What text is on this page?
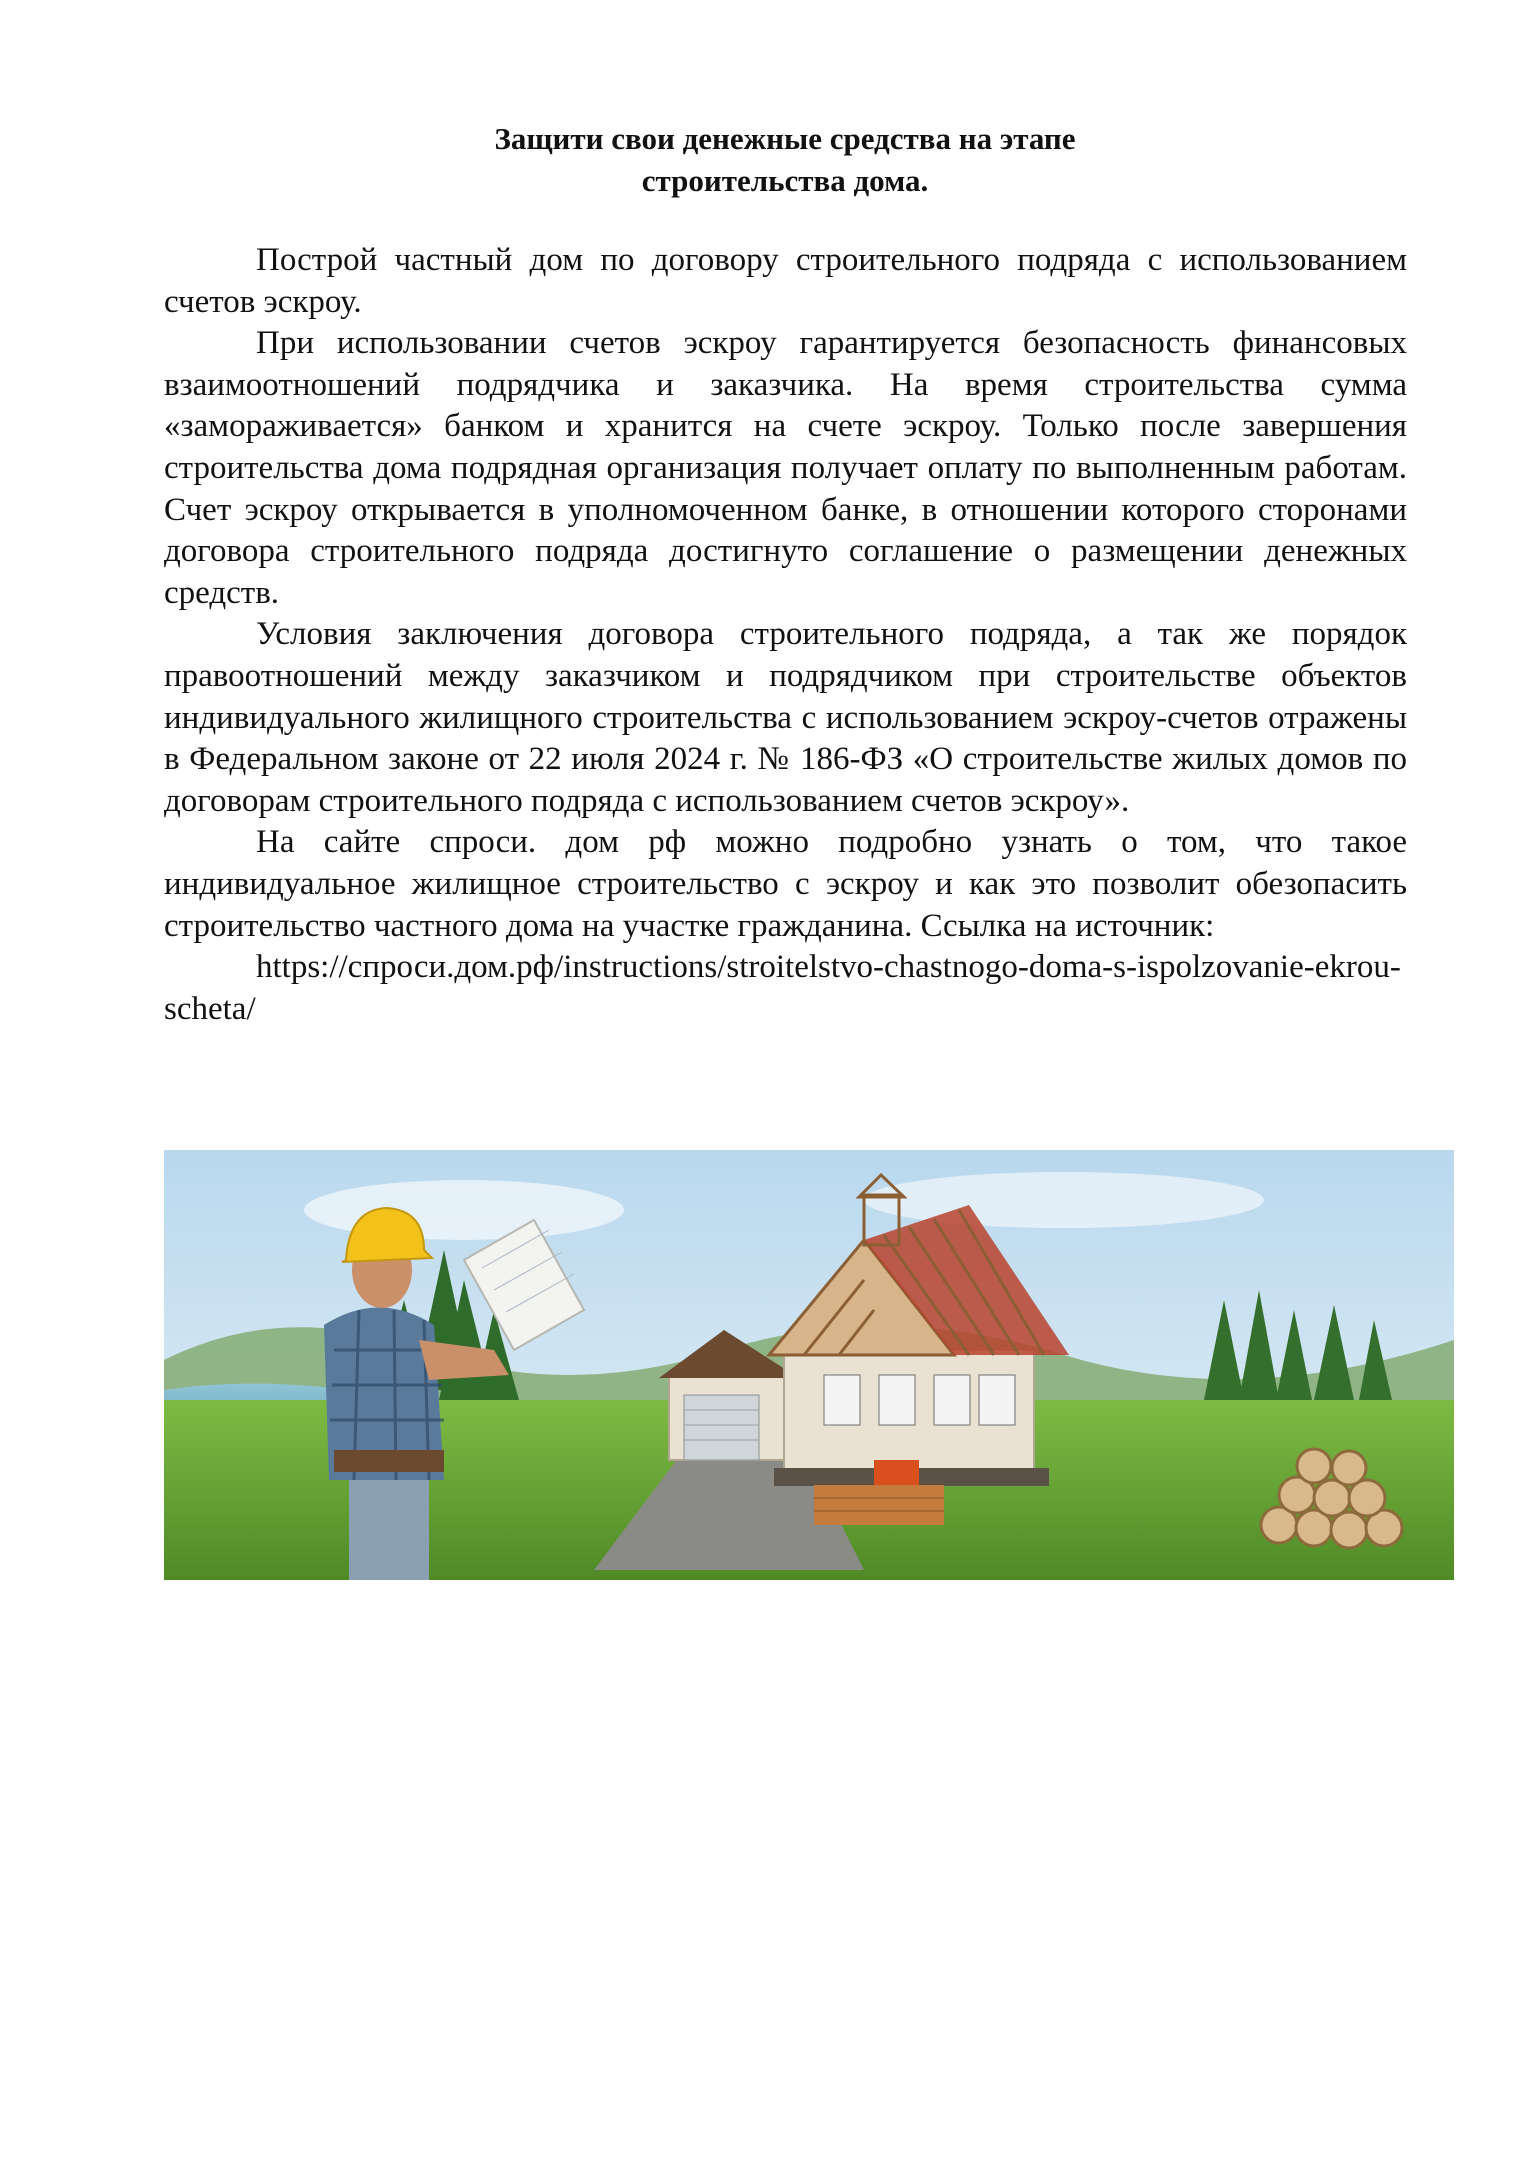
Защити свои денежные средства на этапе
строительства дома.

Построй частный дом по договору строительного подряда с использованием счетов эскроу.

При использовании счетов эскроу гарантируется безопасность финансовых взаимоотношений подрядчика и заказчика. На время строительства сумма «замораживается» банком и хранится на счете эскроу. Только после завершения строительства дома подрядная организация получает оплату по выполненным работам. Счет эскроу открывается в уполномоченном банке, в отношении которого сторонами договора строительного подряда достигнуто соглашение о размещении денежных средств.

Условия заключения договора строительного подряда, а так же порядок правоотношений между заказчиком и подрядчиком при строительстве объектов индивидуального жилищного строительства с использованием эскроу-счетов отражены в Федеральном законе от 22 июля 2024 г. № 186-ФЗ «О строительстве жилых домов по договорам строительного подряда с использованием счетов эскроу».

На сайте спроси. дом рф можно подробно узнать о том, что такое индивидуальное жилищное строительство с эскроу и как это позволит обезопасить строительство частного дома на участке гражданина. Ссылка на источник:

https://спроси.дом.рф/instructions/stroitelstvo-chastnogo-doma-s-ispolzovanie-ekrou-scheta/
